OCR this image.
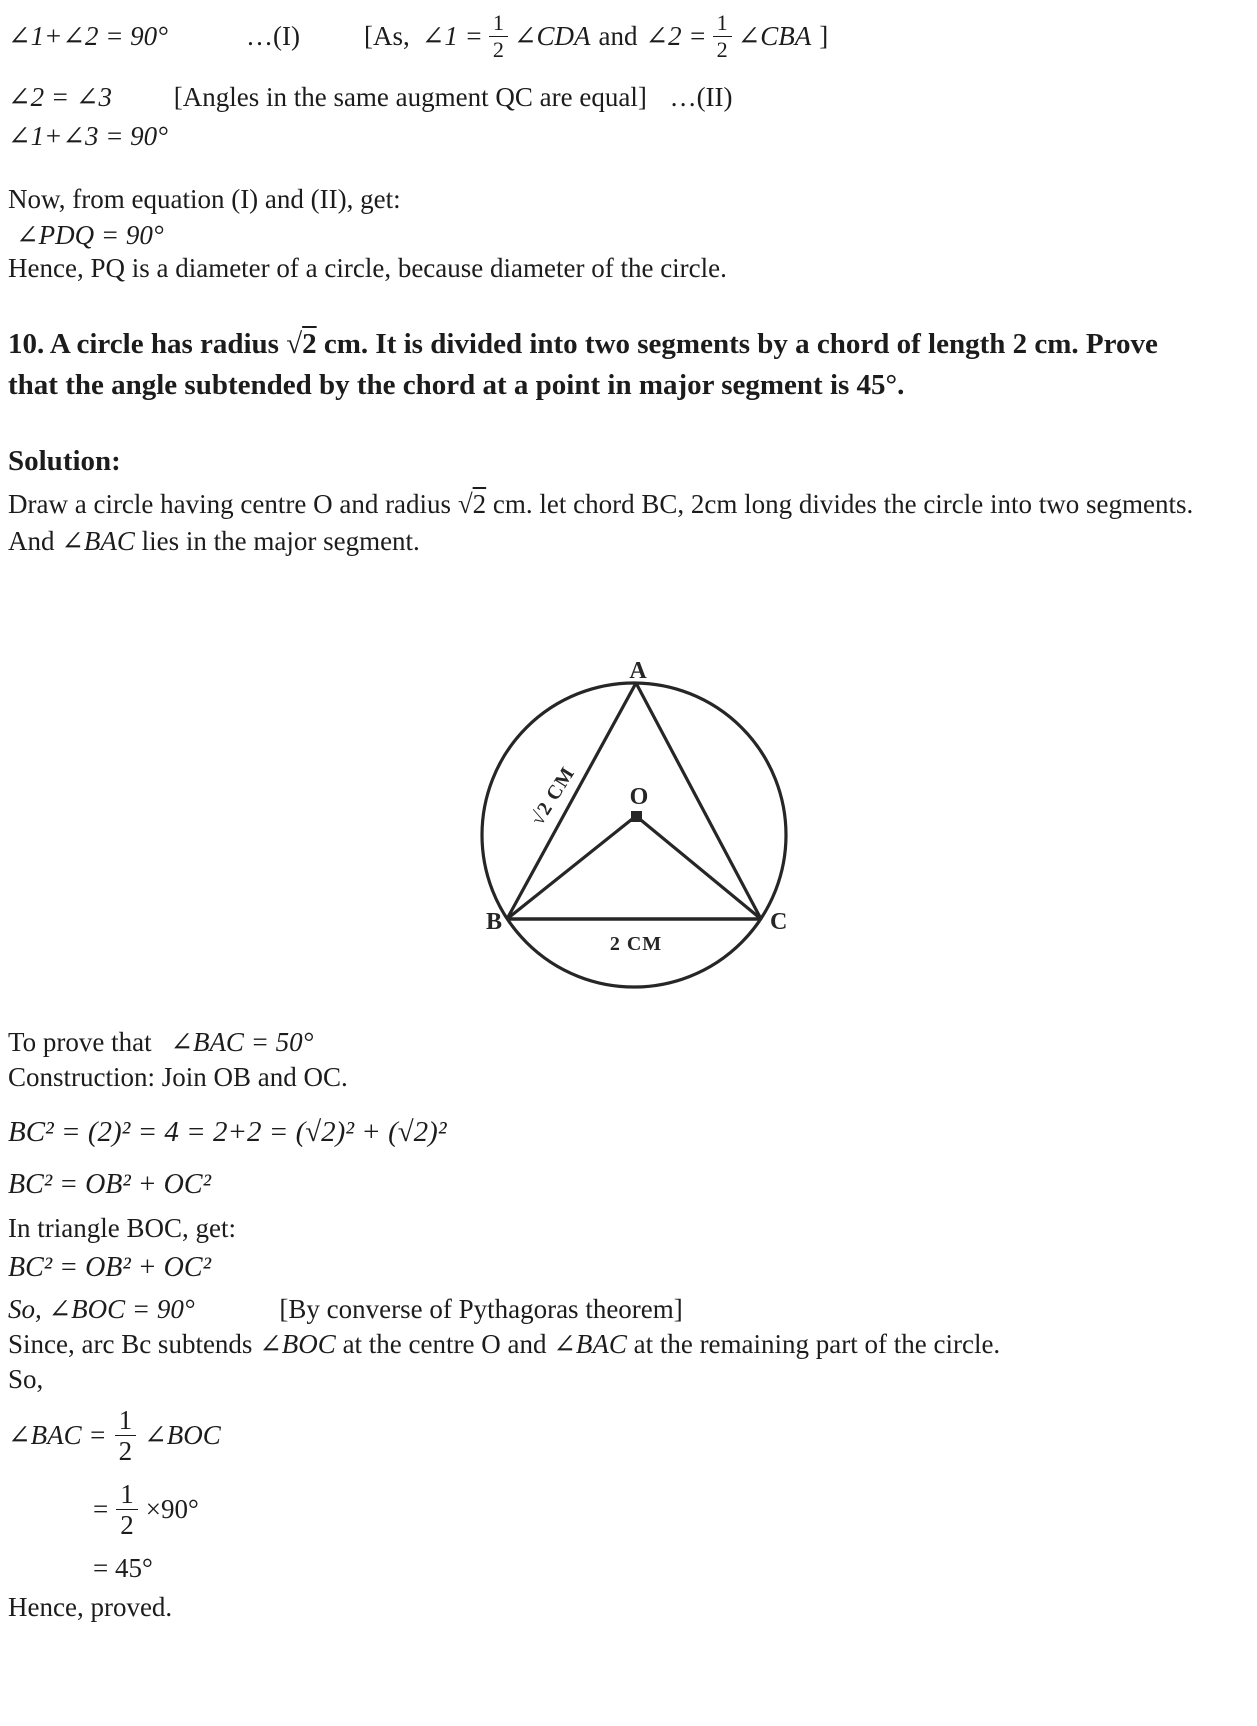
∠1+∠2 = 90°	…(I) [As, ∠1 = $\frac{1}{2}$ ∠CDA and ∠2 = $\frac{1}{2}$ ∠CBA ]
∠2 = ∠3 [Angles in the same augment QC are equal] …(II)
∠1+∠3 = 90°
Now, from equation (I) and (II), get:
∠PDQ = 90°
Hence, PQ is a diameter of a circle, because diameter of the circle.
10. A circle has radius √2 cm. It is divided into two segments by a chord of length 2 cm. Prove that the angle subtended by the chord at a point in major segment is 45°.
Solution:
Draw a circle having centre O and radius √2 cm. let chord BC, 2cm long divides the circle into two segments. And ∠BAC lies in the major segment.
A
O
B	C
2 CM
√2 CM
To prove that ∠BAC = 50°
Construction: Join OB and OC.
BC² = (2)² = 4 = 2+2 = (√2)² + (√2)²
BC² = OB² + OC²
In triangle BOC, get:
BC² = OB² + OC²
So, ∠BOC = 90°	[By converse of Pythagoras theorem]
Since, arc Bc subtends ∠BOC at the centre O and ∠BAC at the remaining part of the circle.
So,
∠BAC = $\frac{1}{2}$ ∠BOC
= $\frac{1}{2} \times 90^\circ$
= 45°
Hence, proved.
